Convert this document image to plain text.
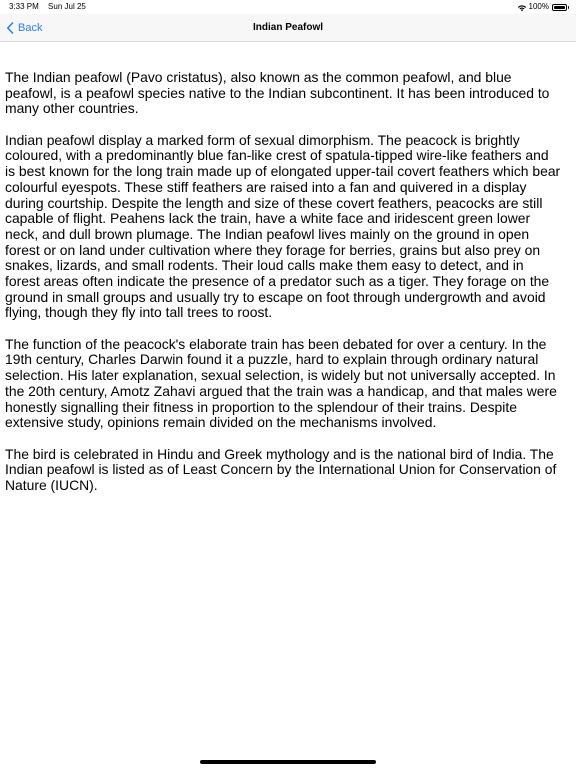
3:33 PM Sun Jul 25	100%
Back	Indian Peafowl

The Indian peafowl (Pavo cristatus), also known as the common peafowl, and blue peafowl, is a peafowl species native to the Indian subcontinent. It has been introduced to many other countries.

Indian peafowl display a marked form of sexual dimorphism. The peacock is brightly coloured, with a predominantly blue fan-like crest of spatula-tipped wire-like feathers and is best known for the long train made up of elongated upper-tail covert feathers which bear colourful eyespots. These stiff feathers are raised into a fan and quivered in a display during courtship. Despite the length and size of these covert feathers, peacocks are still capable of flight. Peahens lack the train, have a white face and iridescent green lower neck, and dull brown plumage. The Indian peafowl lives mainly on the ground in open forest or on land under cultivation where they forage for berries, grains but also prey on snakes, lizards, and small rodents. Their loud calls make them easy to detect, and in forest areas often indicate the presence of a predator such as a tiger. They forage on the ground in small groups and usually try to escape on foot through undergrowth and avoid flying, though they fly into tall trees to roost.

The function of the peacock's elaborate train has been debated for over a century. In the 19th century, Charles Darwin found it a puzzle, hard to explain through ordinary natural selection. His later explanation, sexual selection, is widely but not universally accepted. In the 20th century, Amotz Zahavi argued that the train was a handicap, and that males were honestly signalling their fitness in proportion to the splendour of their trains. Despite extensive study, opinions remain divided on the mechanisms involved.

The bird is celebrated in Hindu and Greek mythology and is the national bird of India. The Indian peafowl is listed as of Least Concern by the International Union for Conservation of Nature (IUCN).
